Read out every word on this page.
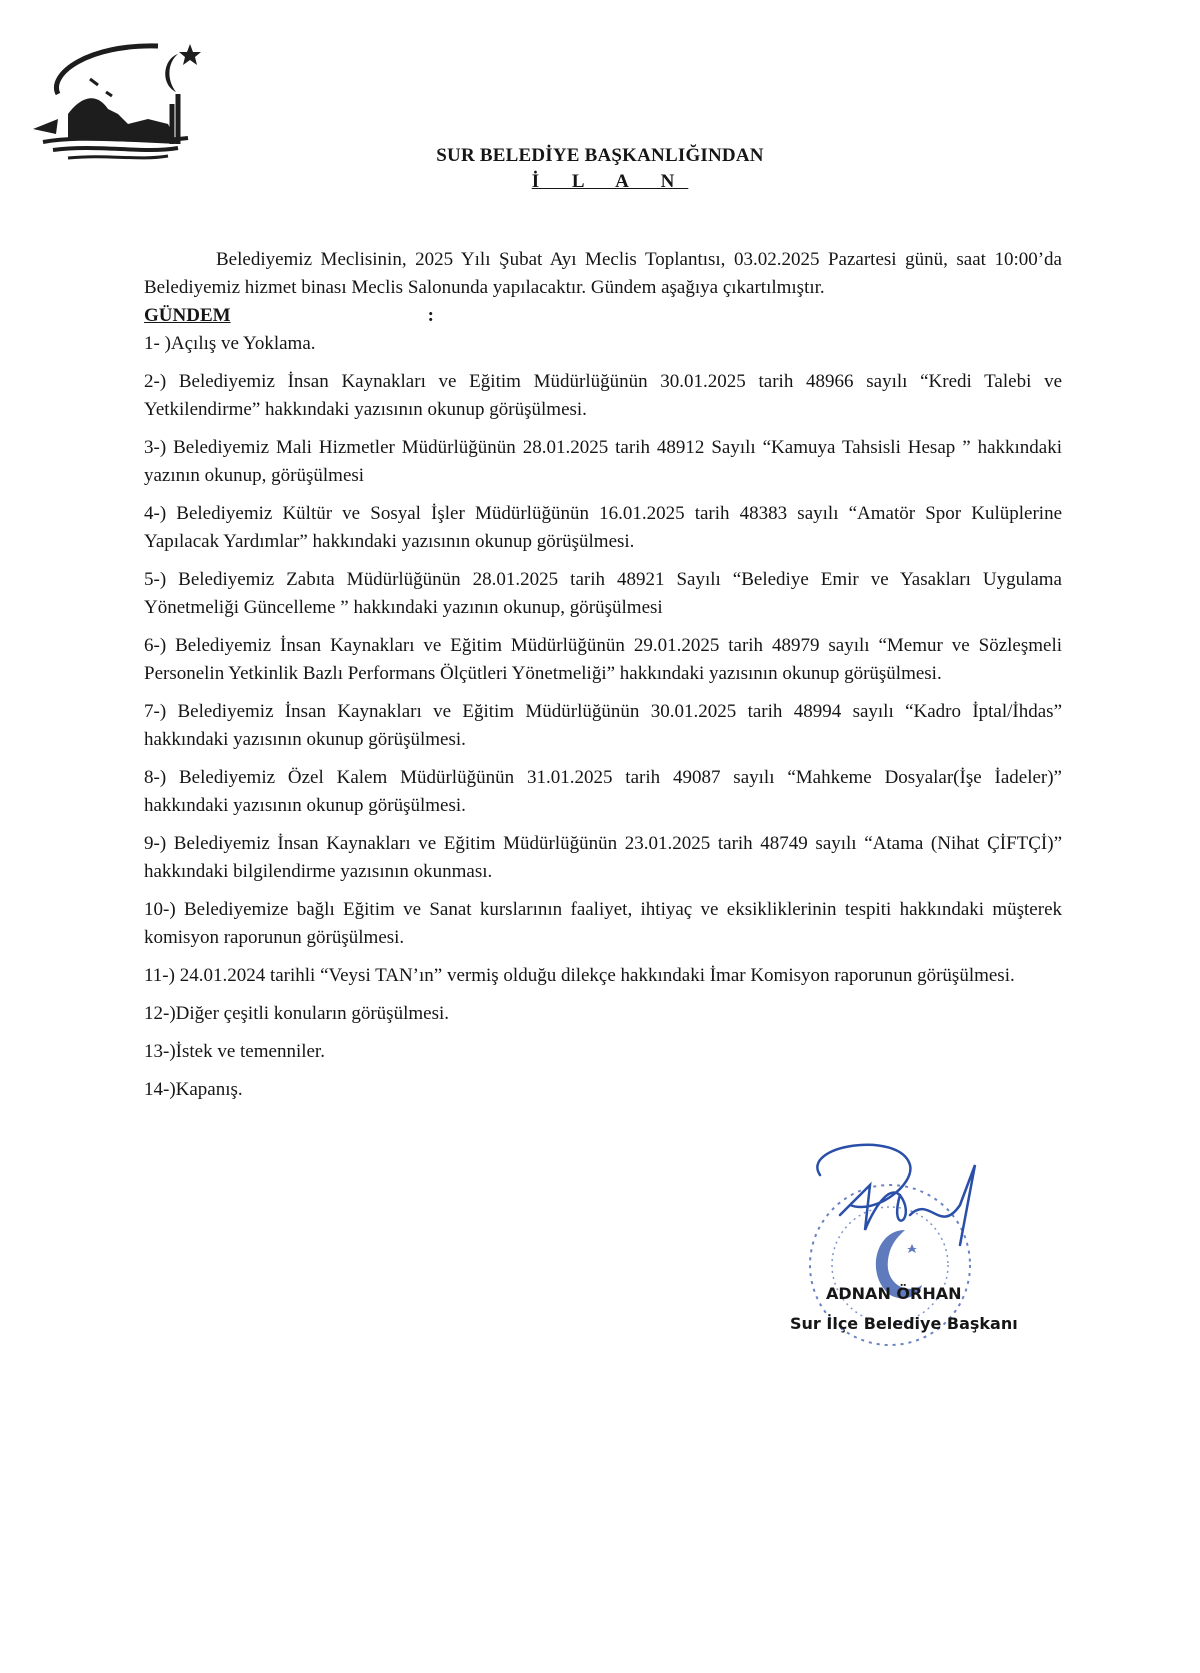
SUR BELEDİYE BAŞKANLIĞINDAN
İ L A N

Belediyemiz Meclisinin, 2025 Yılı Şubat Ayı Meclis Toplantısı, 03.02.2025 Pazartesi günü, saat 10:00’da Belediyemiz hizmet binası Meclis Salonunda yapılacaktır. Gündem aşağıya çıkartılmıştır.

GÜNDEM	:

1- )Açılış ve Yoklama.

2-) Belediyemiz İnsan Kaynakları ve Eğitim Müdürlüğünün 30.01.2025 tarih 48966 sayılı “Kredi Talebi ve Yetkilendirme” hakkındaki yazısının okunup görüşülmesi.

3-) Belediyemiz Mali Hizmetler Müdürlüğünün 28.01.2025 tarih 48912 Sayılı “Kamuya Tahsisli Hesap ” hakkındaki yazının okunup, görüşülmesi

4-) Belediyemiz Kültür ve Sosyal İşler Müdürlüğünün 16.01.2025 tarih 48383 sayılı “Amatör Spor Kulüplerine Yapılacak Yardımlar” hakkındaki yazısının okunup görüşülmesi.

5-) Belediyemiz Zabıta Müdürlüğünün 28.01.2025 tarih 48921 Sayılı “Belediye Emir ve Yasakları Uygulama Yönetmeliği Güncelleme ” hakkındaki yazının okunup, görüşülmesi

6-) Belediyemiz İnsan Kaynakları ve Eğitim Müdürlüğünün 29.01.2025 tarih 48979 sayılı “Memur ve Sözleşmeli Personelin Yetkinlik Bazlı Performans Ölçütleri Yönetmeliği” hakkındaki yazısının okunup görüşülmesi.

7-) Belediyemiz İnsan Kaynakları ve Eğitim Müdürlüğünün 30.01.2025 tarih 48994 sayılı “Kadro İptal/İhdas” hakkındaki yazısının okunup görüşülmesi.

8-) Belediyemiz Özel Kalem Müdürlüğünün 31.01.2025 tarih 49087 sayılı “Mahkeme Dosyalar(İşe İadeler)” hakkındaki yazısının okunup görüşülmesi.

9-) Belediyemiz İnsan Kaynakları ve Eğitim Müdürlüğünün 23.01.2025 tarih 48749 sayılı “Atama (Nihat ÇİFTÇİ)” hakkındaki bilgilendirme yazısının okunması.

10-) Belediyemize bağlı Eğitim ve Sanat kurslarının faaliyet, ihtiyaç ve eksikliklerinin tespiti hakkındaki müşterek komisyon raporunun görüşülmesi.

11-) 24.01.2024 tarihli “Veysi TAN’ın” vermiş olduğu dilekçe hakkındaki İmar Komisyon raporunun görüşülmesi.

12-)Diğer çeşitli konuların görüşülmesi.

13-)İstek ve temenniler.

14-)Kapanış.

ADNAN ÖRHAN
Sur İlçe Belediye Başkanı
